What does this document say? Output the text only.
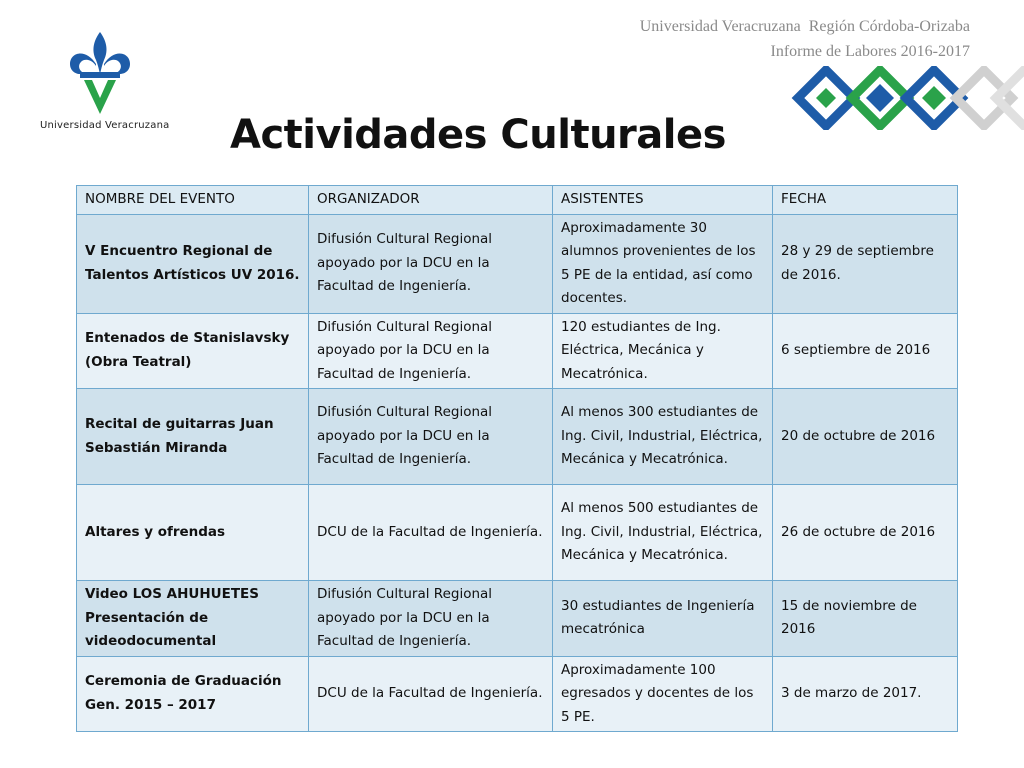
Universidad Veracruzana
Universidad Veracruzana Región Córdoba-Orizaba
Informe de Labores 2016-2017
Actividades Culturales
NOMBRE DEL EVENTO	ORGANIZADOR	ASISTENTES	FECHA
V Encuentro Regional de Talentos Artísticos UV 2016.	Difusión Cultural Regional apoyado por la DCU en la Facultad de Ingeniería.	Aproximadamente 30 alumnos provenientes de los 5 PE de la entidad, así como docentes.	28 y 29 de septiembre de 2016.
Entenados de Stanislavsky (Obra Teatral)	Difusión Cultural Regional apoyado por la DCU en la Facultad de Ingeniería.	120 estudiantes de Ing. Eléctrica, Mecánica y Mecatrónica.	6 septiembre de 2016
Recital de guitarras Juan Sebastián Miranda	Difusión Cultural Regional apoyado por la DCU en la Facultad de Ingeniería.	Al menos 300 estudiantes de Ing. Civil, Industrial, Eléctrica, Mecánica y Mecatrónica.	20 de octubre de 2016
Altares y ofrendas	DCU de la Facultad de Ingeniería.	Al menos 500 estudiantes de Ing. Civil, Industrial, Eléctrica, Mecánica y Mecatrónica.	26 de octubre de 2016
Video LOS AHUHUETES Presentación de videodocumental	Difusión Cultural Regional apoyado por la DCU en la Facultad de Ingeniería.	30 estudiantes de Ingeniería mecatrónica	15 de noviembre de 2016
Ceremonia de Graduación Gen. 2015 – 2017	DCU de la Facultad de Ingeniería.	Aproximadamente 100 egresados y docentes de los 5 PE.	3 de marzo de 2017.
